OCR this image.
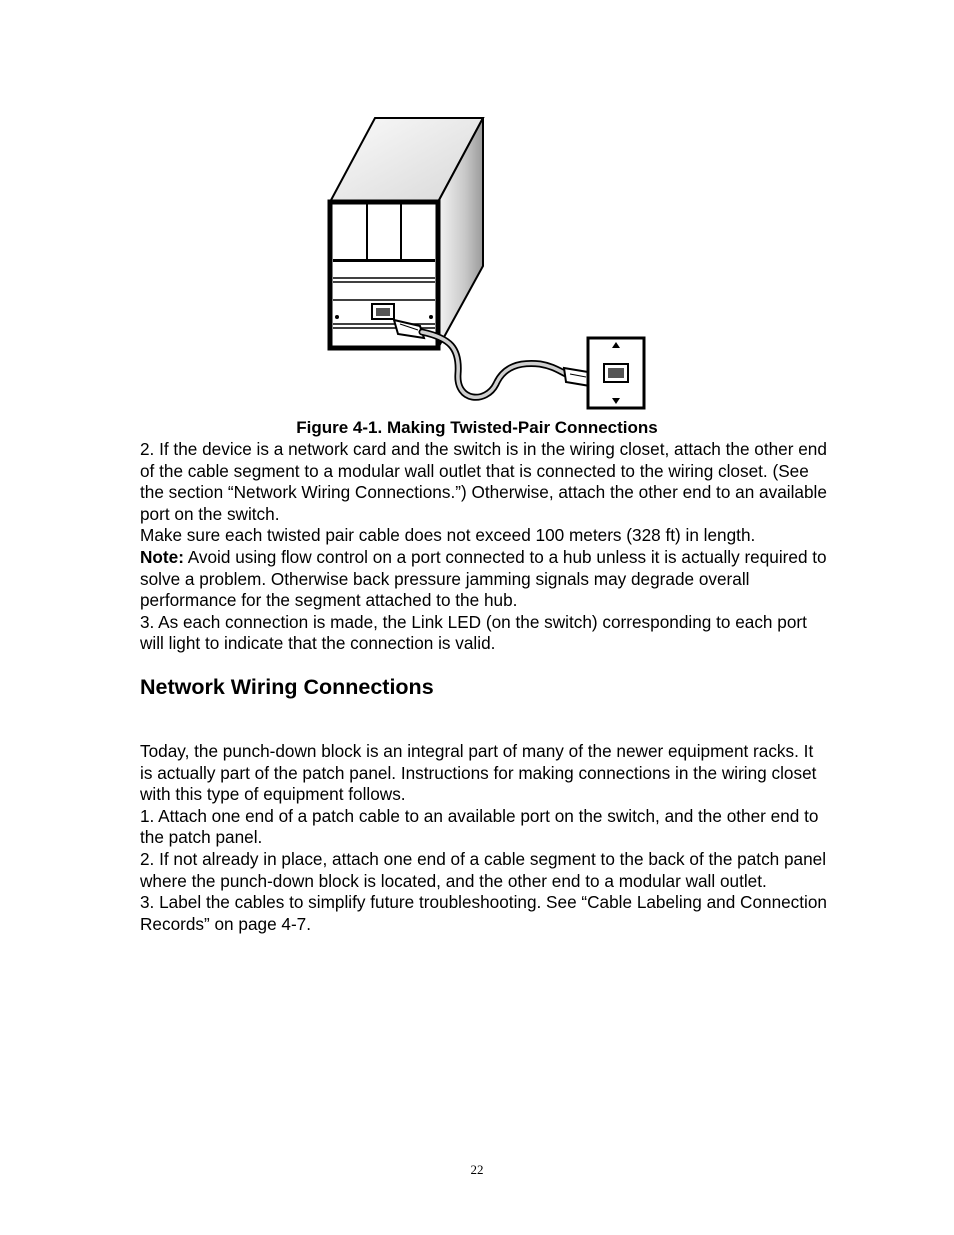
Figure 4-1. Making Twisted-Pair Connections

2. If the device is a network card and the switch is in the wiring closet, attach the other end of the cable segment to a modular wall outlet that is connected to the wiring closet. (See the section “Network Wiring Connections.”) Otherwise, attach the other end to an available port on the switch.

Make sure each twisted pair cable does not exceed 100 meters (328 ft) in length.

Note: Avoid using flow control on a port connected to a hub unless it is actually required to solve a problem. Otherwise back pressure jamming signals may degrade overall performance for the segment attached to the hub.

3. As each connection is made, the Link LED (on the switch) corresponding to each port will light to indicate that the connection is valid.

Network Wiring Connections

Today, the punch-down block is an integral part of many of the newer equipment racks. It is actually part of the patch panel. Instructions for making connections in the wiring closet with this type of equipment follows.

1. Attach one end of a patch cable to an available port on the switch, and the other end to the patch panel.

2. If not already in place, attach one end of a cable segment to the back of the patch panel where the punch-down block is located, and the other end to a modular wall outlet.

3. Label the cables to simplify future troubleshooting. See “Cable Labeling and Connection Records” on page 4-7.

22
